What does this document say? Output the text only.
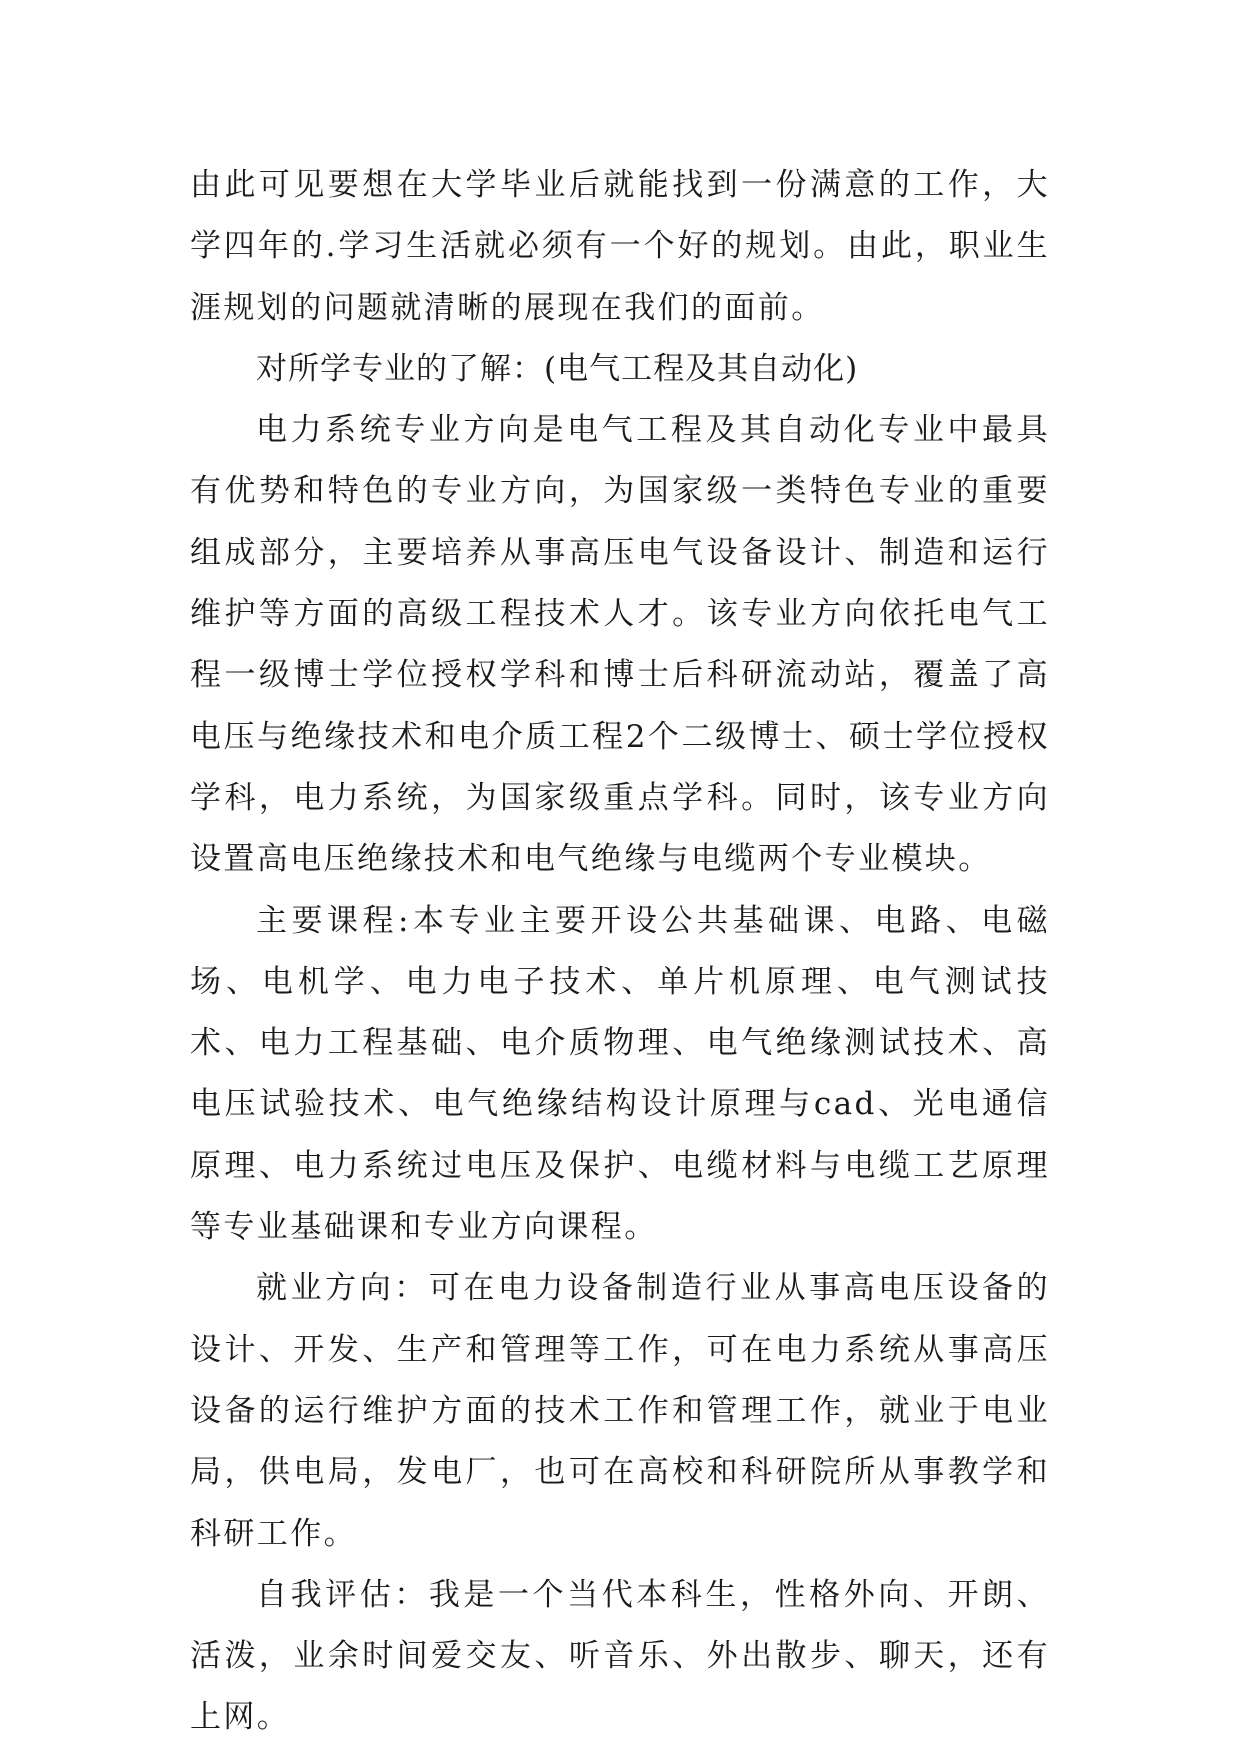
由此可见要想在大学毕业后就能找到一份满意的工作，大学四年的.学习生活就必须有一个好的规划。由此，职业生涯规划的问题就清晰的展现在我们的面前。

对所学专业的了解：(电气工程及其自动化)

电力系统专业方向是电气工程及其自动化专业中最具有优势和特色的专业方向，为国家级一类特色专业的重要组成部分，主要培养从事高压电气设备设计、制造和运行维护等方面的高级工程技术人才。该专业方向依托电气工程一级博士学位授权学科和博士后科研流动站，覆盖了高电压与绝缘技术和电介质工程2个二级博士、硕士学位授权学科，电力系统，为国家级重点学科。同时，该专业方向设置高电压绝缘技术和电气绝缘与电缆两个专业模块。

主要课程:本专业主要开设公共基础课、电路、电磁场、电机学、电力电子技术、单片机原理、电气测试技术、电力工程基础、电介质物理、电气绝缘测试技术、高电压试验技术、电气绝缘结构设计原理与cad、光电通信原理、电力系统过电压及保护、电缆材料与电缆工艺原理等专业基础课和专业方向课程。

就业方向：可在电力设备制造行业从事高电压设备的设计、开发、生产和管理等工作，可在电力系统从事高压设备的运行维护方面的技术工作和管理工作，就业于电业局，供电局，发电厂，也可在高校和科研院所从事教学和科研工作。

自我评估：我是一个当代本科生，性格外向、开朗、活泼，业余时间爱交友、听音乐、外出散步、聊天，还有上网。
